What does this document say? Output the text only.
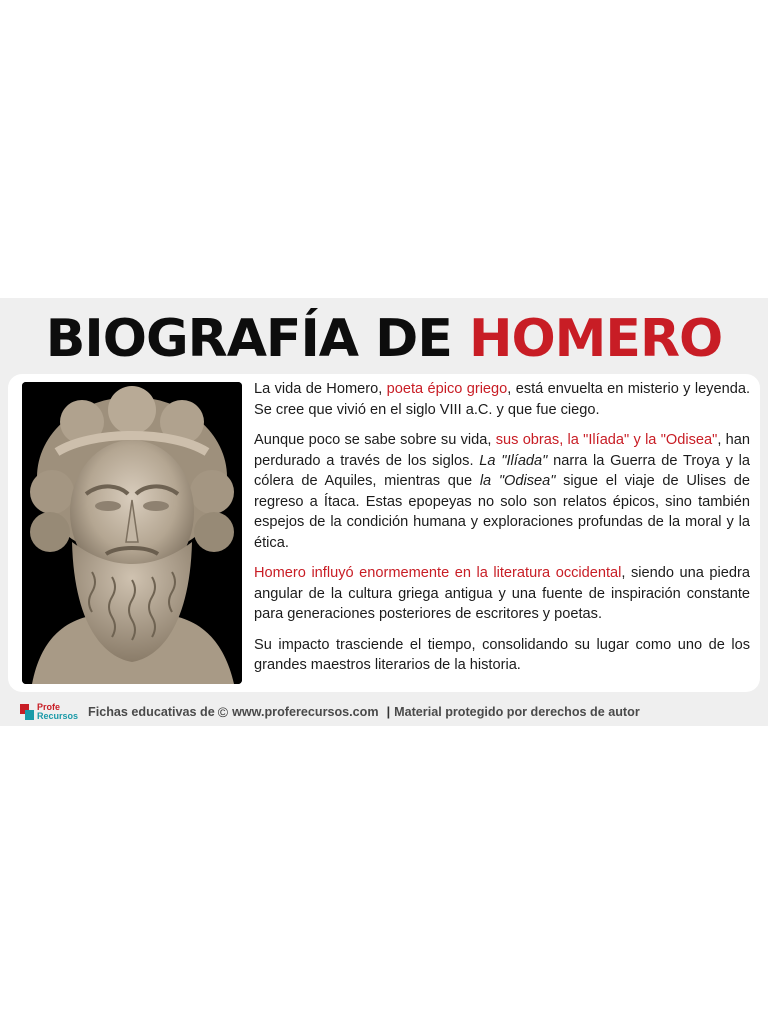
BIOGRAFÍA DE HOMERO

La vida de Homero, poeta épico griego, está envuelta en misterio y leyenda. Se cree que vivió en el siglo VIII a.C. y que fue ciego.

Aunque poco se sabe sobre su vida, sus obras, la "Ilíada" y la "Odisea", han perdurado a través de los siglos. La "Ilíada" narra la Guerra de Troya y la cólera de Aquiles, mientras que la "Odisea" sigue el viaje de Ulises de regreso a Ítaca. Estas epopeyas no solo son relatos épicos, sino también espejos de la condición humana y exploraciones profundas de la moral y la ética.

Homero influyó enormemente en la literatura occidental, siendo una piedra angular de la cultura griega antigua y una fuente de inspiración constante para generaciones posteriores de escritores y poetas.

Su impacto trasciende el tiempo, consolidando su lugar como uno de los grandes maestros literarios de la historia.

Profe
Recursos Fichas educativas de © www.proferecursos.com | Material protegido por derechos de autor
